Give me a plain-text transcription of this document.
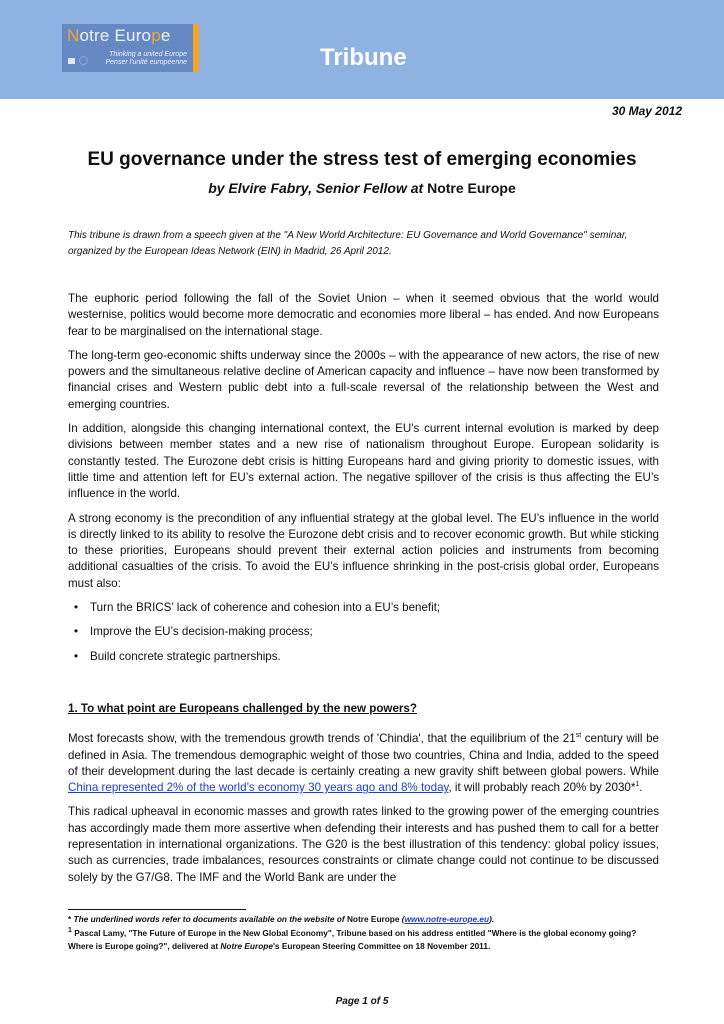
Notre Europe
Thinking a united Europe
Penser l'unité européenne	Tribune
30 May 2012
EU governance under the stress test of emerging economies
by Elvire Fabry, Senior Fellow at Notre Europe
This tribune is drawn from a speech given at the "A New World Architecture: EU Governance and World Governance" seminar, organized by the European Ideas Network (EIN) in Madrid, 26 April 2012.

The euphoric period following the fall of the Soviet Union – when it seemed obvious that the world would westernise, politics would become more democratic and economies more liberal – has ended. And now Europeans fear to be marginalised on the international stage.

The long-term geo-economic shifts underway since the 2000s – with the appearance of new actors, the rise of new powers and the simultaneous relative decline of American capacity and influence – have now been transformed by financial crises and Western public debt into a full-scale reversal of the relationship between the West and emerging countries.

In addition, alongside this changing international context, the EU's current internal evolution is marked by deep divisions between member states and a new rise of nationalism throughout Europe. European solidarity is constantly tested. The Eurozone debt crisis is hitting Europeans hard and giving priority to domestic issues, with little time and attention left for EU’s external action. The negative spillover of the crisis is thus affecting the EU’s influence in the world.

A strong economy is the precondition of any influential strategy at the global level. The EU’s influence in the world is directly linked to its ability to resolve the Eurozone debt crisis and to recover economic growth. But while sticking to these priorities, Europeans should prevent their external action policies and instruments from becoming additional casualties of the crisis. To avoid the EU’s influence shrinking in the post-crisis global order, Europeans must also:

• Turn the BRICS’ lack of coherence and cohesion into a EU’s benefit;
• Improve the EU’s decision-making process;
• Build concrete strategic partnerships.

1. To what point are Europeans challenged by the new powers?

Most forecasts show, with the tremendous growth trends of 'Chindia', that the equilibrium of the 21st century will be defined in Asia. The tremendous demographic weight of those two countries, China and India, added to the speed of their development during the last decade is certainly creating a new gravity shift between global powers. While China represented 2% of the world’s economy 30 years ago and 8% today, it will probably reach 20% by 2030*$^1$.

This radical upheaval in economic masses and growth rates linked to the growing power of the emerging countries has accordingly made them more assertive when defending their interests and has pushed them to call for a better representation in international organizations. The G20 is the best illustration of this tendency: global policy issues, such as currencies, trade imbalances, resources constraints or climate change could not continue to be discussed solely by the G7/G8. The IMF and the World Bank are under the

* The underlined words refer to documents available on the website of Notre Europe (www.notre-europe.eu).
$^1$ Pascal Lamy, "The Future of Europe in the New Global Economy", Tribune based on his address entitled "Where is the global economy going? Where is Europe going?", delivered at Notre Europe's European Steering Committee on 18 November 2011.
Page 1 of 5
